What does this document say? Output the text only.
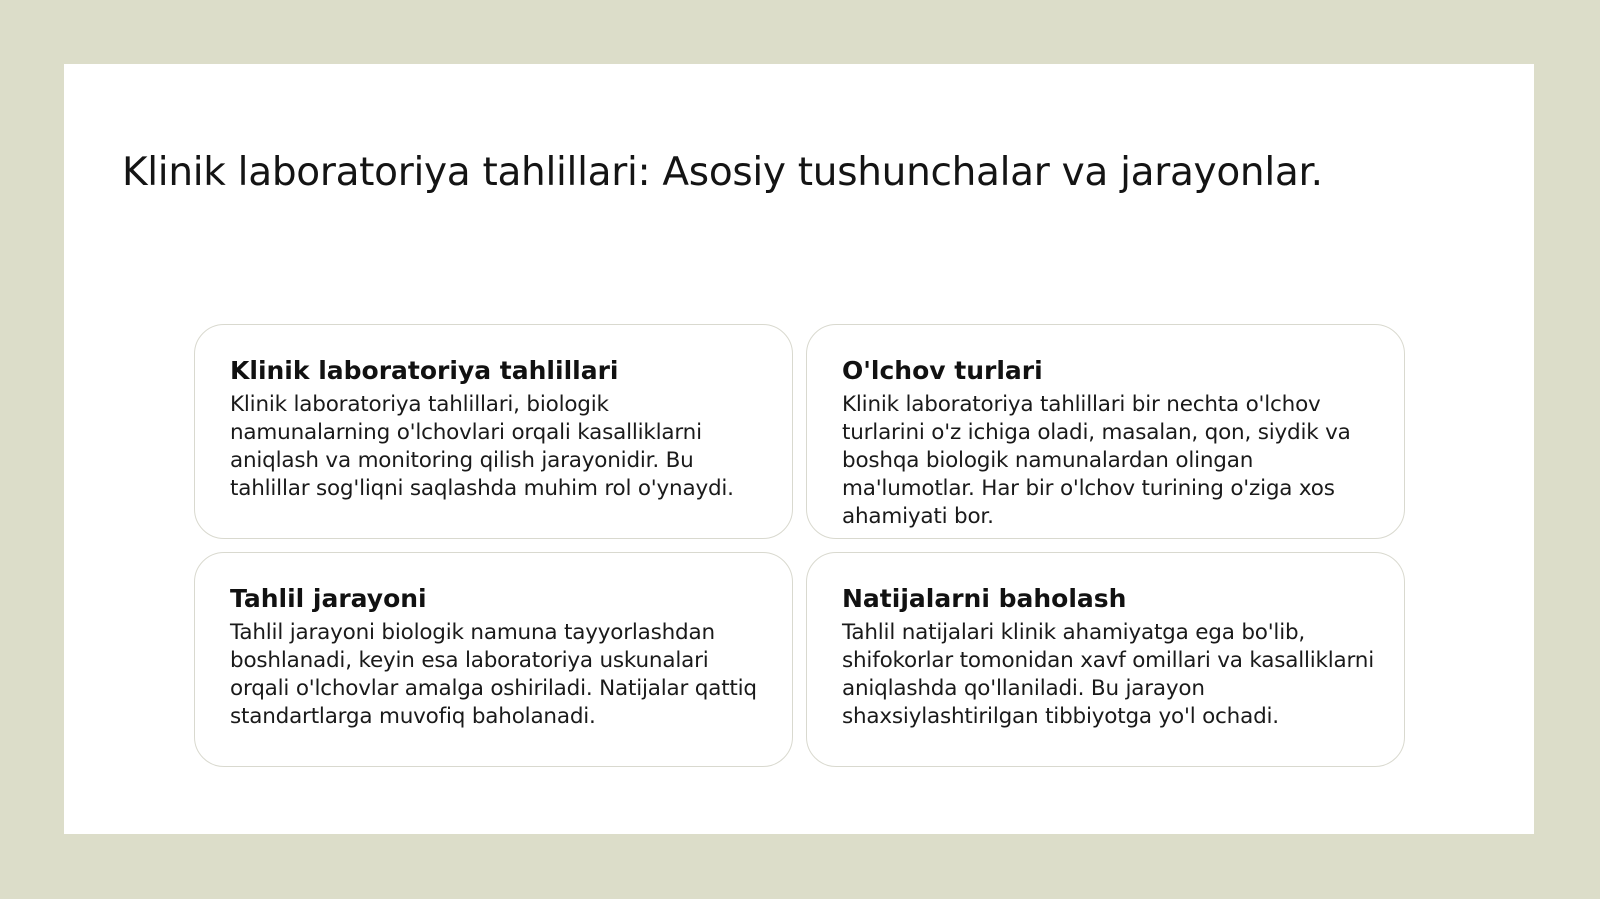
Klinik laboratoriya tahlillari: Asosiy tushunchalar va jarayonlar.
Klinik laboratoriya tahlillari

Klinik laboratoriya tahlillari, biologik namunalarning o'lchovlari orqali kasalliklarni aniqlash va monitoring qilish jarayonidir. Bu tahlillar sog'liqni saqlashda muhim rol o'ynaydi.

O'lchov turlari

Klinik laboratoriya tahlillari bir nechta o'lchov turlarini o'z ichiga oladi, masalan, qon, siydik va boshqa biologik namunalardan olingan ma'lumotlar. Har bir o'lchov turining o'ziga xos ahamiyati bor.

Tahlil jarayoni

Tahlil jarayoni biologik namuna tayyorlashdan boshlanadi, keyin esa laboratoriya uskunalari orqali o'lchovlar amalga oshiriladi. Natijalar qattiq standartlarga muvofiq baholanadi.

Natijalarni baholash

Tahlil natijalari klinik ahamiyatga ega bo'lib, shifokorlar tomonidan xavf omillari va kasalliklarni aniqlashda qo'llaniladi. Bu jarayon shaxsiylashtirilgan tibbiyotga yo'l ochadi.
